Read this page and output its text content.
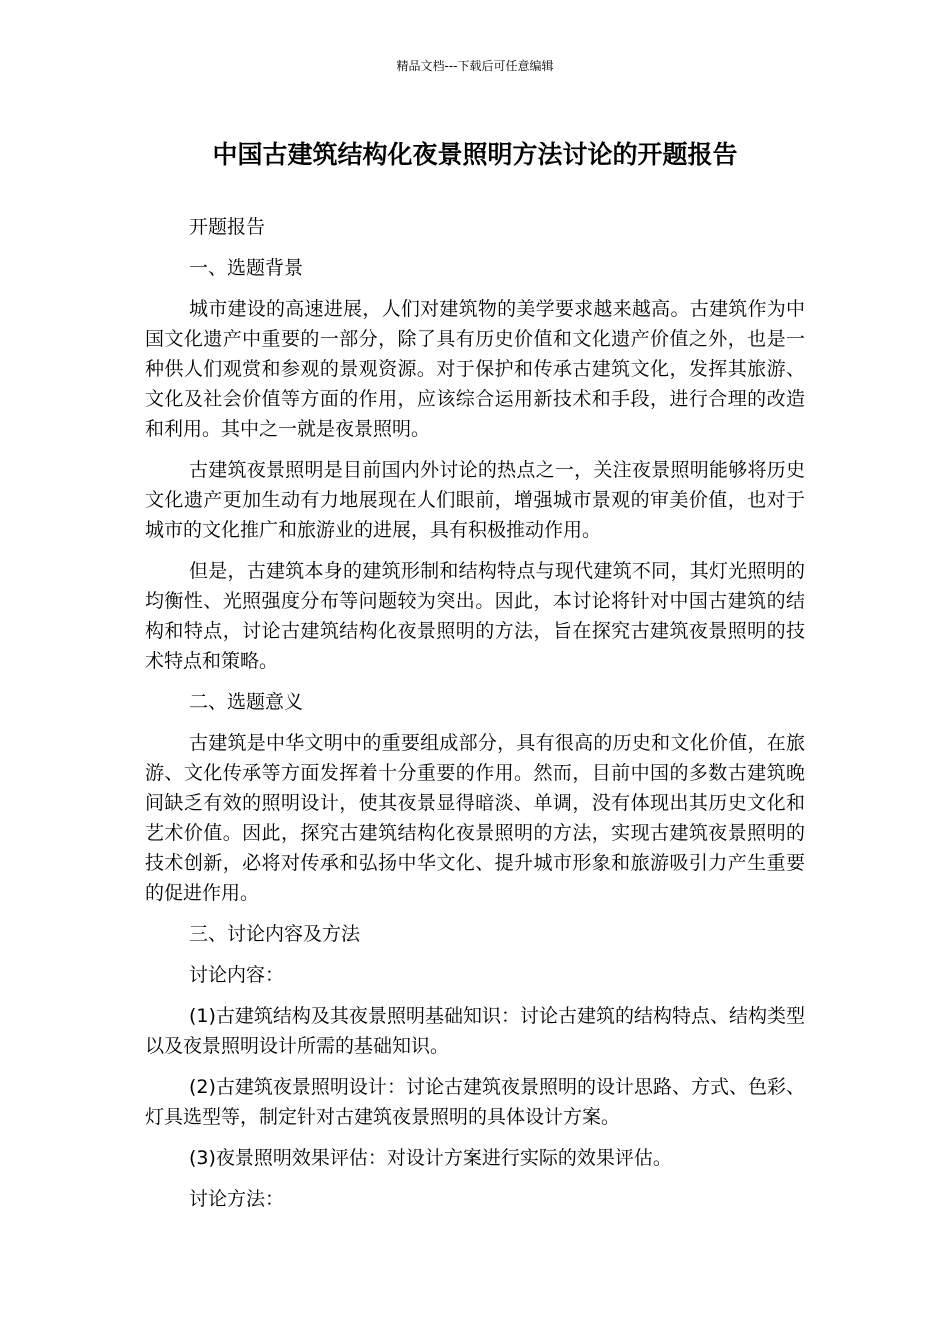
精品文档---下载后可任意编辑
中国古建筑结构化夜景照明方法讨论的开题报告

开题报告

一、选题背景

城市建设的高速进展，人们对建筑物的美学要求越来越高。古建筑作为中国文化遗产中重要的一部分，除了具有历史价值和文化遗产价值之外，也是一种供人们观赏和参观的景观资源。对于保护和传承古建筑文化，发挥其旅游、文化及社会价值等方面的作用，应该综合运用新技术和手段，进行合理的改造和利用。其中之一就是夜景照明。

古建筑夜景照明是目前国内外讨论的热点之一，关注夜景照明能够将历史文化遗产更加生动有力地展现在人们眼前，增强城市景观的审美价值，也对于城市的文化推广和旅游业的进展，具有积极推动作用。

但是，古建筑本身的建筑形制和结构特点与现代建筑不同，其灯光照明的均衡性、光照强度分布等问题较为突出。因此，本讨论将针对中国古建筑的结构和特点，讨论古建筑结构化夜景照明的方法，旨在探究古建筑夜景照明的技术特点和策略。

二、选题意义

古建筑是中华文明中的重要组成部分，具有很高的历史和文化价值，在旅游、文化传承等方面发挥着十分重要的作用。然而，目前中国的多数古建筑晚间缺乏有效的照明设计，使其夜景显得暗淡、单调，没有体现出其历史文化和艺术价值。因此，探究古建筑结构化夜景照明的方法，实现古建筑夜景照明的技术创新，必将对传承和弘扬中华文化、提升城市形象和旅游吸引力产生重要的促进作用。

三、讨论内容及方法

讨论内容：

(1)古建筑结构及其夜景照明基础知识：讨论古建筑的结构特点、结构类型以及夜景照明设计所需的基础知识。

(2)古建筑夜景照明设计：讨论古建筑夜景照明的设计思路、方式、色彩、灯具选型等，制定针对古建筑夜景照明的具体设计方案。

(3)夜景照明效果评估：对设计方案进行实际的效果评估。

讨论方法：
